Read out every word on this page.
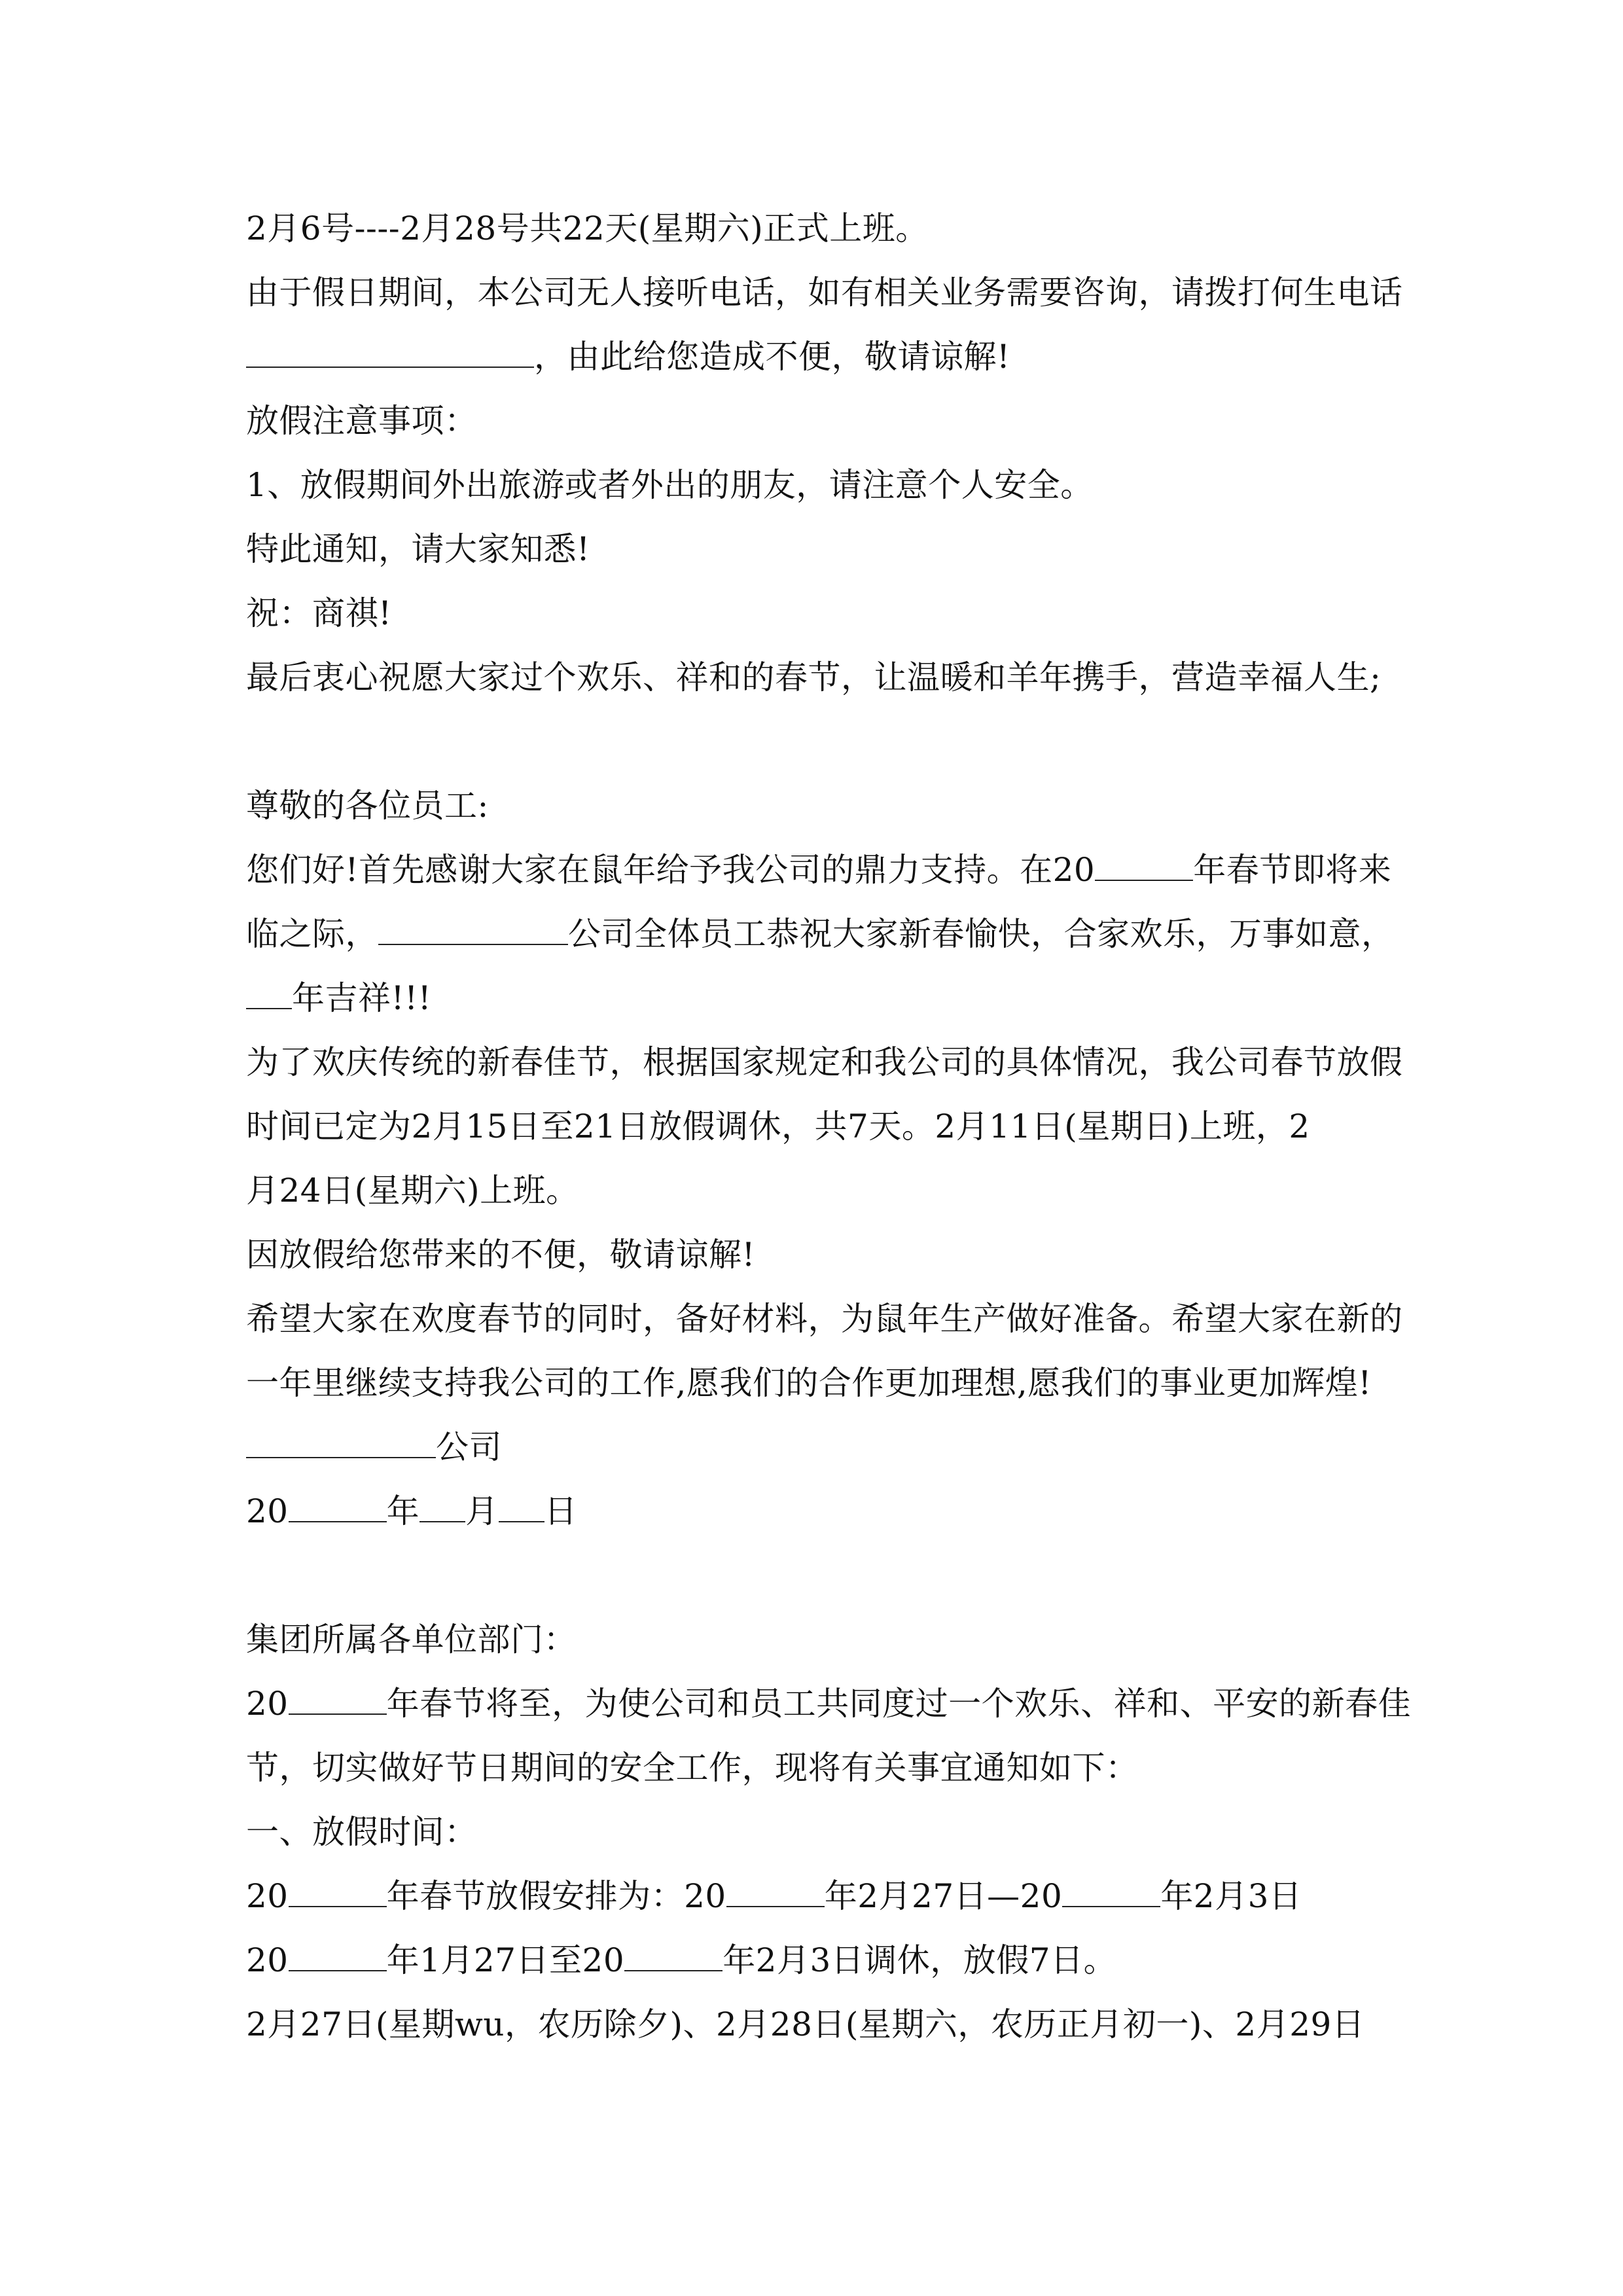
2月6号----2月28号共22天(星期六)正式上班。
由于假日期间，本公司无人接听电话，如有相关业务需要咨询，请拨打何生电话
，由此给您造成不便，敬请谅解!
放假注意事项：
1、放假期间外出旅游或者外出的朋友，请注意个人安全。
特此通知，请大家知悉!
祝：商祺!
最后衷心祝愿大家过个欢乐、祥和的春节，让温暖和羊年携手，营造幸福人生;
尊敬的各位员工:
您们好!首先感谢大家在鼠年给予我公司的鼎力支持。在20	年春节即将来
临之际，	公司全体员工恭祝大家新春愉快，合家欢乐，万事如意，
年吉祥!!!
为了欢庆传统的新春佳节，根据国家规定和我公司的具体情况，我公司春节放假
时间已定为2月15日至21日放假调休，共7天。2月11日(星期日)上班，2
月24日(星期六)上班。
因放假给您带来的不便，敬请谅解!
希望大家在欢度春节的同时，备好材料，为鼠年生产做好准备。希望大家在新的
一年里继续支持我公司的工作,愿我们的合作更加理想,愿我们的事业更加辉煌!
公司
20	年 月 日
集团所属各单位部门：
20	年春节将至，为使公司和员工共同度过一个欢乐、祥和、平安的新春佳
节，切实做好节日期间的安全工作，现将有关事宜通知如下：
一、放假时间：
20	年春节放假安排为：20	年2月27日—20	年2月3日
20	年1月27日至20	年2月3日调休，放假7日。
2月27日(星期wu，农历除夕)、2月28日(星期六，农历正月初一)、2月29日
